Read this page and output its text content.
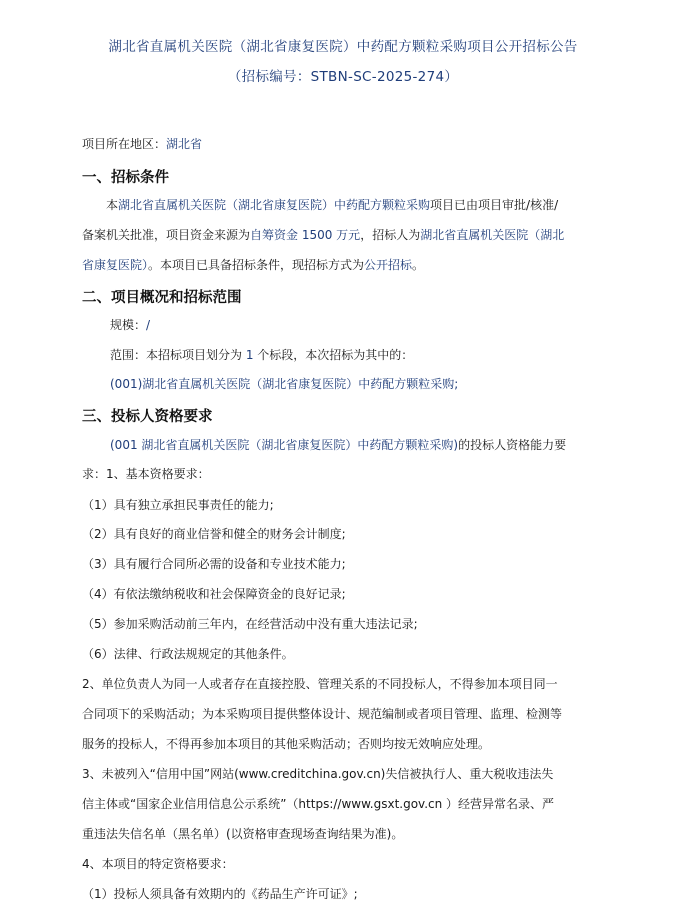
湖北省直属机关医院（湖北省康复医院）中药配方颗粒采购项目公开招标公告
（招标编号：STBN-SC-2025-274）
项目所在地区：湖北省
一、招标条件
本湖北省直属机关医院（湖北省康复医院）中药配方颗粒采购项目已由项目审批/核准/
备案机关批准，项目资金来源为自筹资金 1500 万元，招标人为湖北省直属机关医院（湖北
省康复医院）。本项目已具备招标条件，现招标方式为公开招标。
二、项目概况和招标范围
规模：/
范围：本招标项目划分为 1 个标段，本次招标为其中的：
(001)湖北省直属机关医院（湖北省康复医院）中药配方颗粒采购;
三、投标人资格要求
(001 湖北省直属机关医院（湖北省康复医院）中药配方颗粒采购)的投标人资格能力要
求：1、基本资格要求：
（1）具有独立承担民事责任的能力;
（2）具有良好的商业信誉和健全的财务会计制度;
（3）具有履行合同所必需的设备和专业技术能力;
（4）有依法缴纳税收和社会保障资金的良好记录;
（5）参加采购活动前三年内，在经营活动中没有重大违法记录;
（6）法律、行政法规规定的其他条件。
2、单位负责人为同一人或者存在直接控股、管理关系的不同投标人，不得参加本项目同一
合同项下的采购活动；为本采购项目提供整体设计、规范编制或者项目管理、监理、检测等
服务的投标人，不得再参加本项目的其他采购活动；否则均按无效响应处理。
3、未被列入“信用中国”网站(www.creditchina.gov.cn)失信被执行人、重大税收违法失
信主体或“国家企业信用信息公示系统”（https://www.gsxt.gov.cn ）经营异常名录、严
重违法失信名单（黑名单）(以资格审查现场查询结果为准)。
4、本项目的特定资格要求：
（1）投标人须具备有效期内的《药品生产许可证》;
